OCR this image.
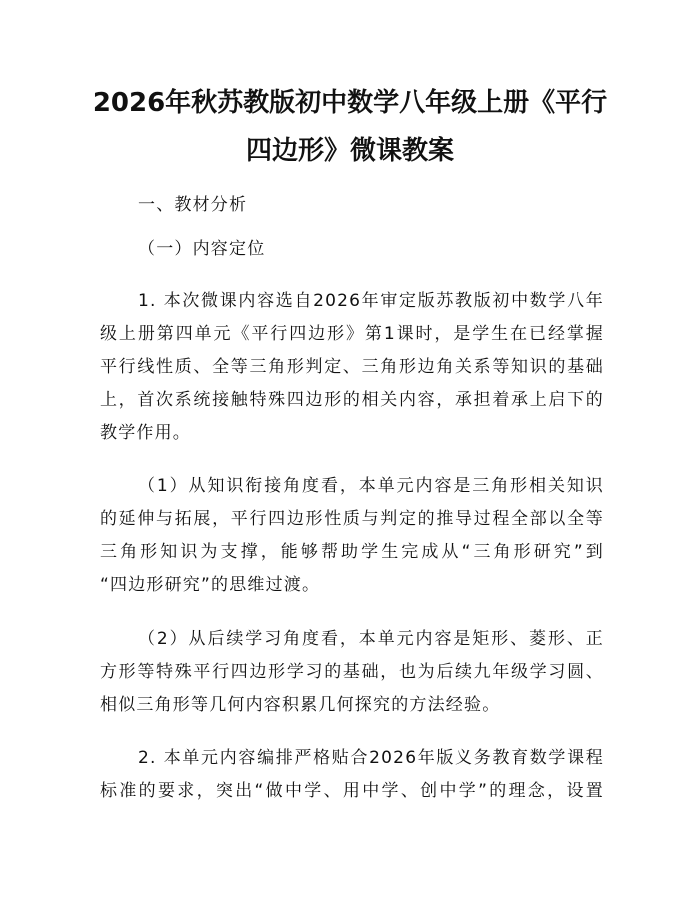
2026年秋苏教版初中数学八年级上册《平行
四边形》微课教案

一、教材分析

（一）内容定位

1. 本次微课内容选自2026年审定版苏教版初中数学八年

级上册第四单元《平行四边形》第1课时，是学生在已经掌握

平行线性质、全等三角形判定、三角形边角关系等知识的基础

上，首次系统接触特殊四边形的相关内容，承担着承上启下的

教学作用。

（1）从知识衔接角度看，本单元内容是三角形相关知识

的延伸与拓展，平行四边形性质与判定的推导过程全部以全等

三角形知识为支撑，能够帮助学生完成从“三角形研究”到

“四边形研究”的思维过渡。

（2）从后续学习角度看，本单元内容是矩形、菱形、正

方形等特殊平行四边形学习的基础，也为后续九年级学习圆、

相似三角形等几何内容积累几何探究的方法经验。

2. 本单元内容编排严格贴合2026年版义务教育数学课程

标准的要求，突出“做中学、用中学、创中学”的理念，设置
